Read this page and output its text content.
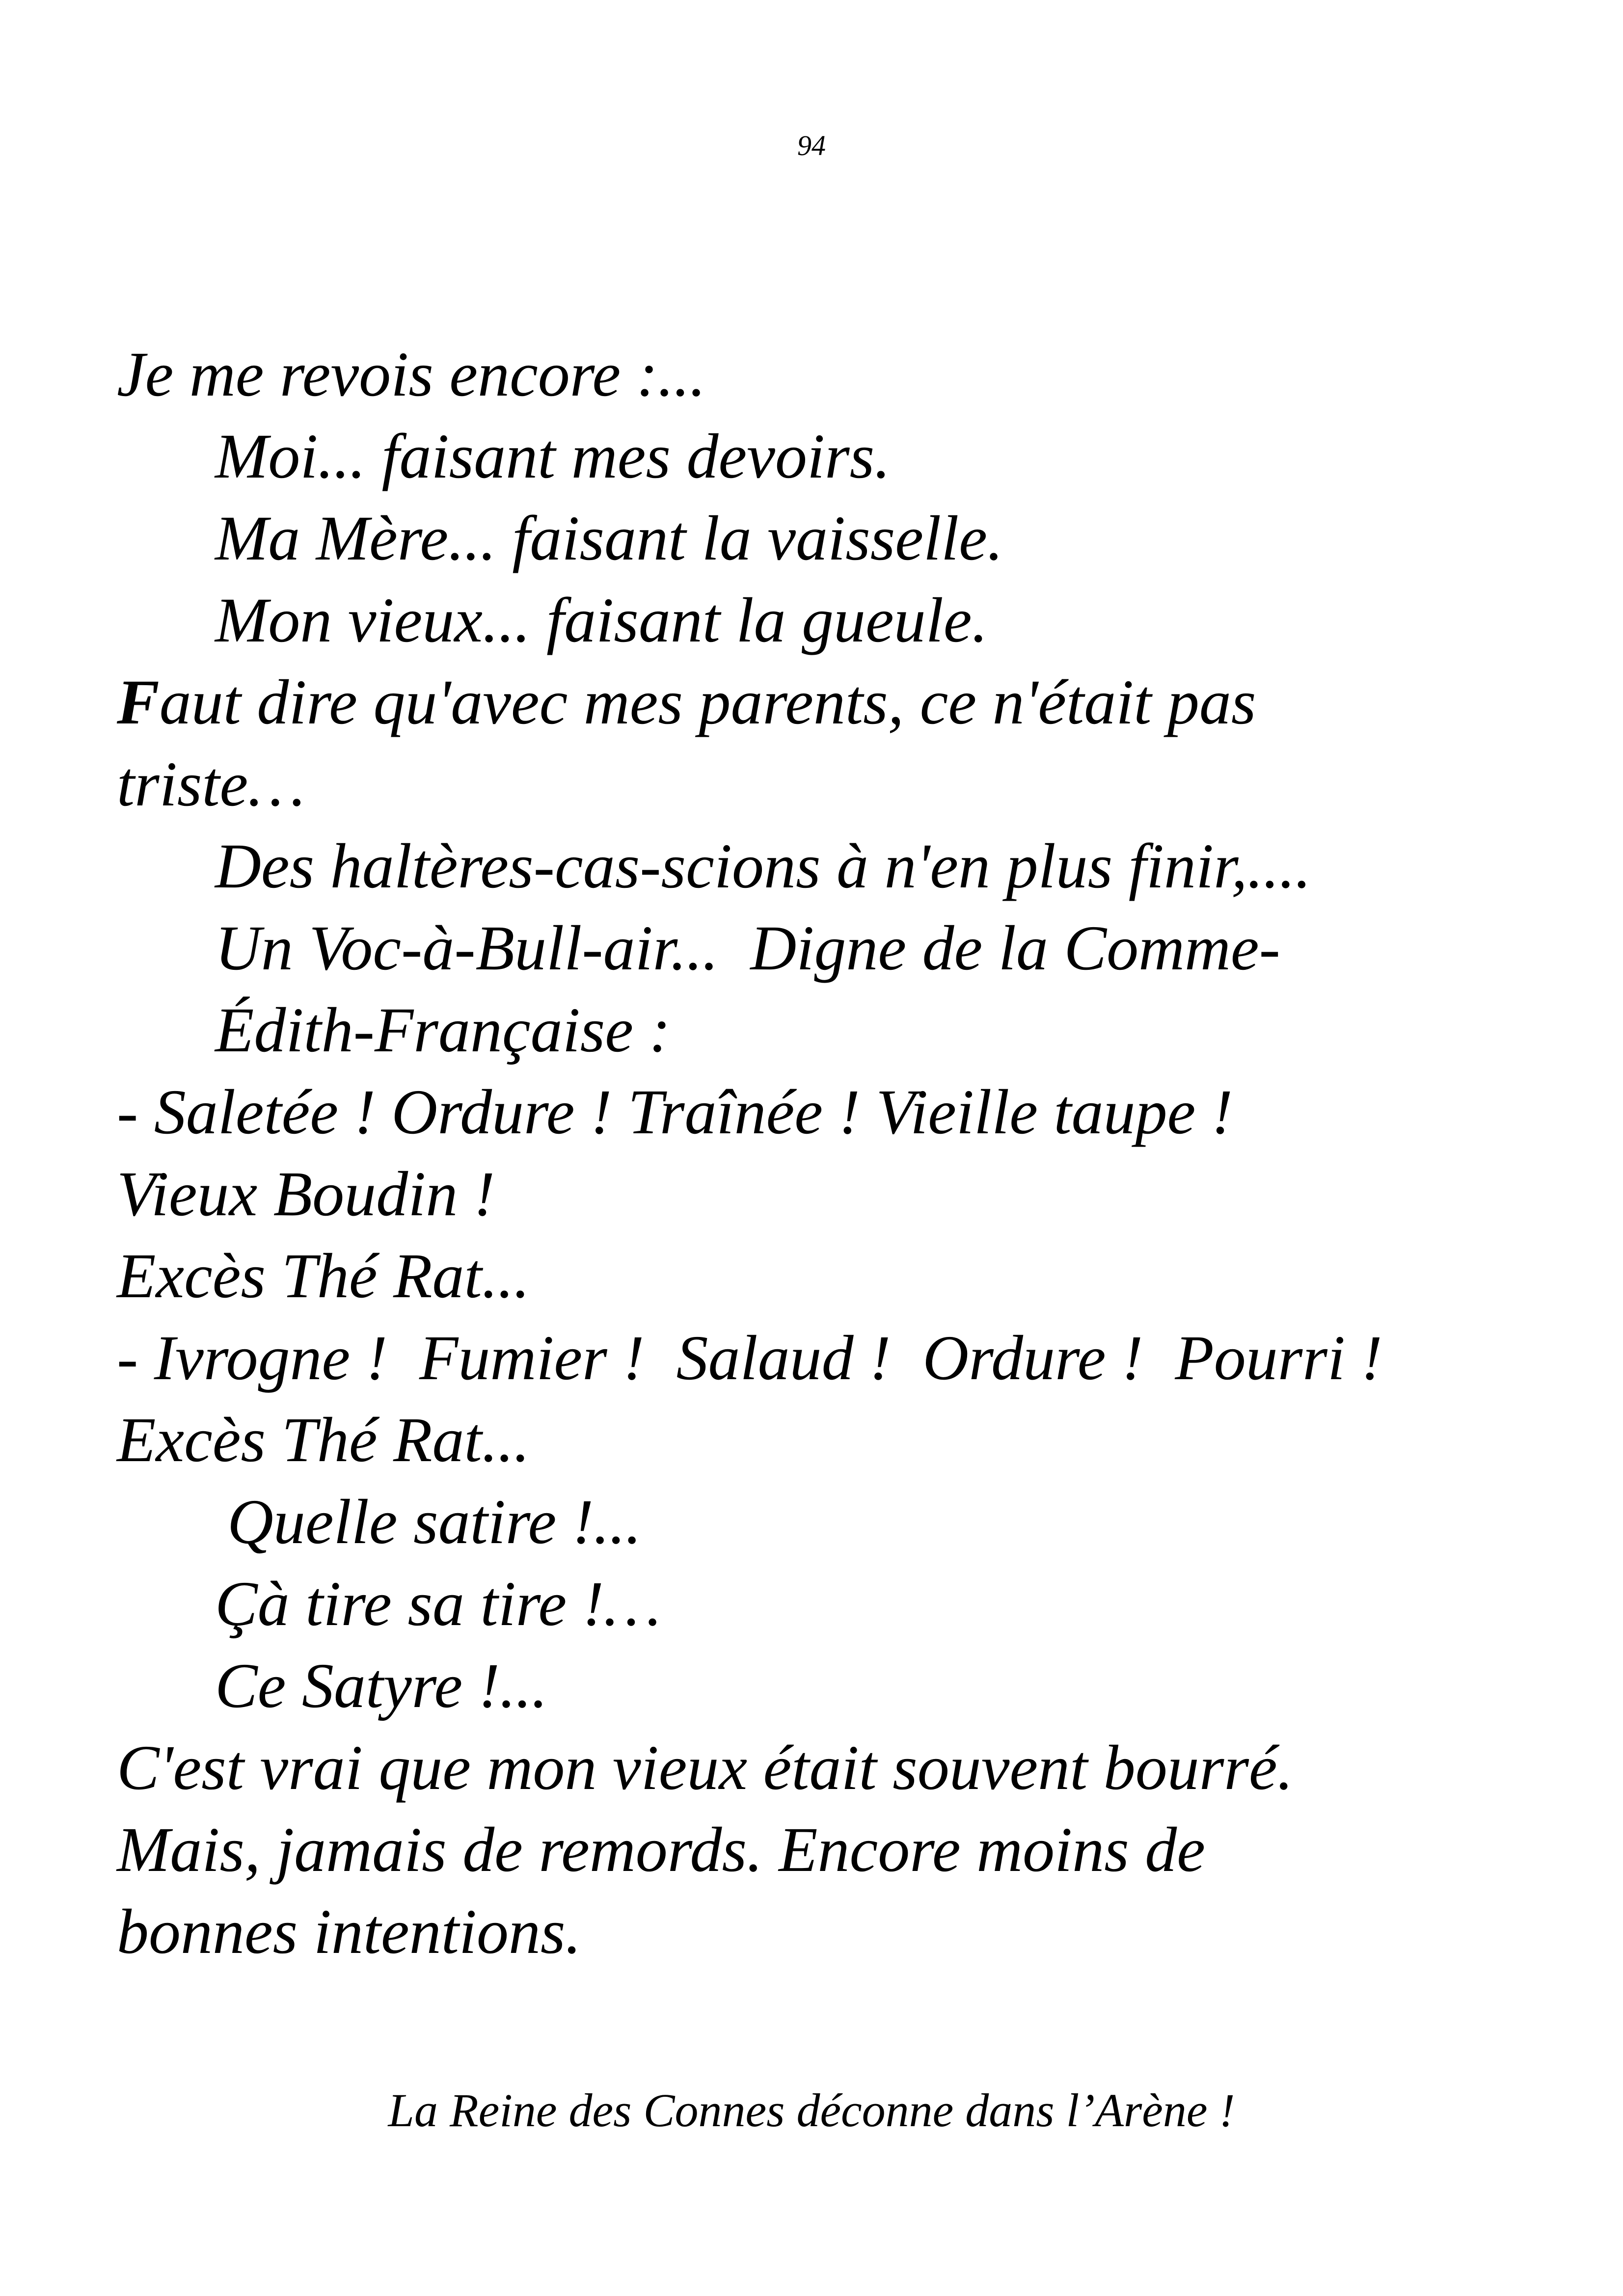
94
Je me revois encore :...
Moi... faisant mes devoirs.
Ma Mère... faisant la vaisselle.
Mon vieux... faisant la gueule.
Faut dire qu'avec mes parents, ce n'était pas
triste…
Des haltères-cas-scions à n'en plus finir,....
Un Voc-à-Bull-air...  Digne de la Comme-
Édith-Française :
- Saletée ! Ordure ! Traînée ! Vieille taupe !
Vieux Boudin !
Excès Thé Rat...
- Ivrogne !  Fumier !  Salaud !  Ordure !  Pourri !
Excès Thé Rat...
Quelle satire !...
Çà tire sa tire !…
Ce Satyre !...
C'est vrai que mon vieux était souvent bourré.
Mais, jamais de remords. Encore moins de
bonnes intentions.
La Reine des Connes déconne dans l’Arène !
